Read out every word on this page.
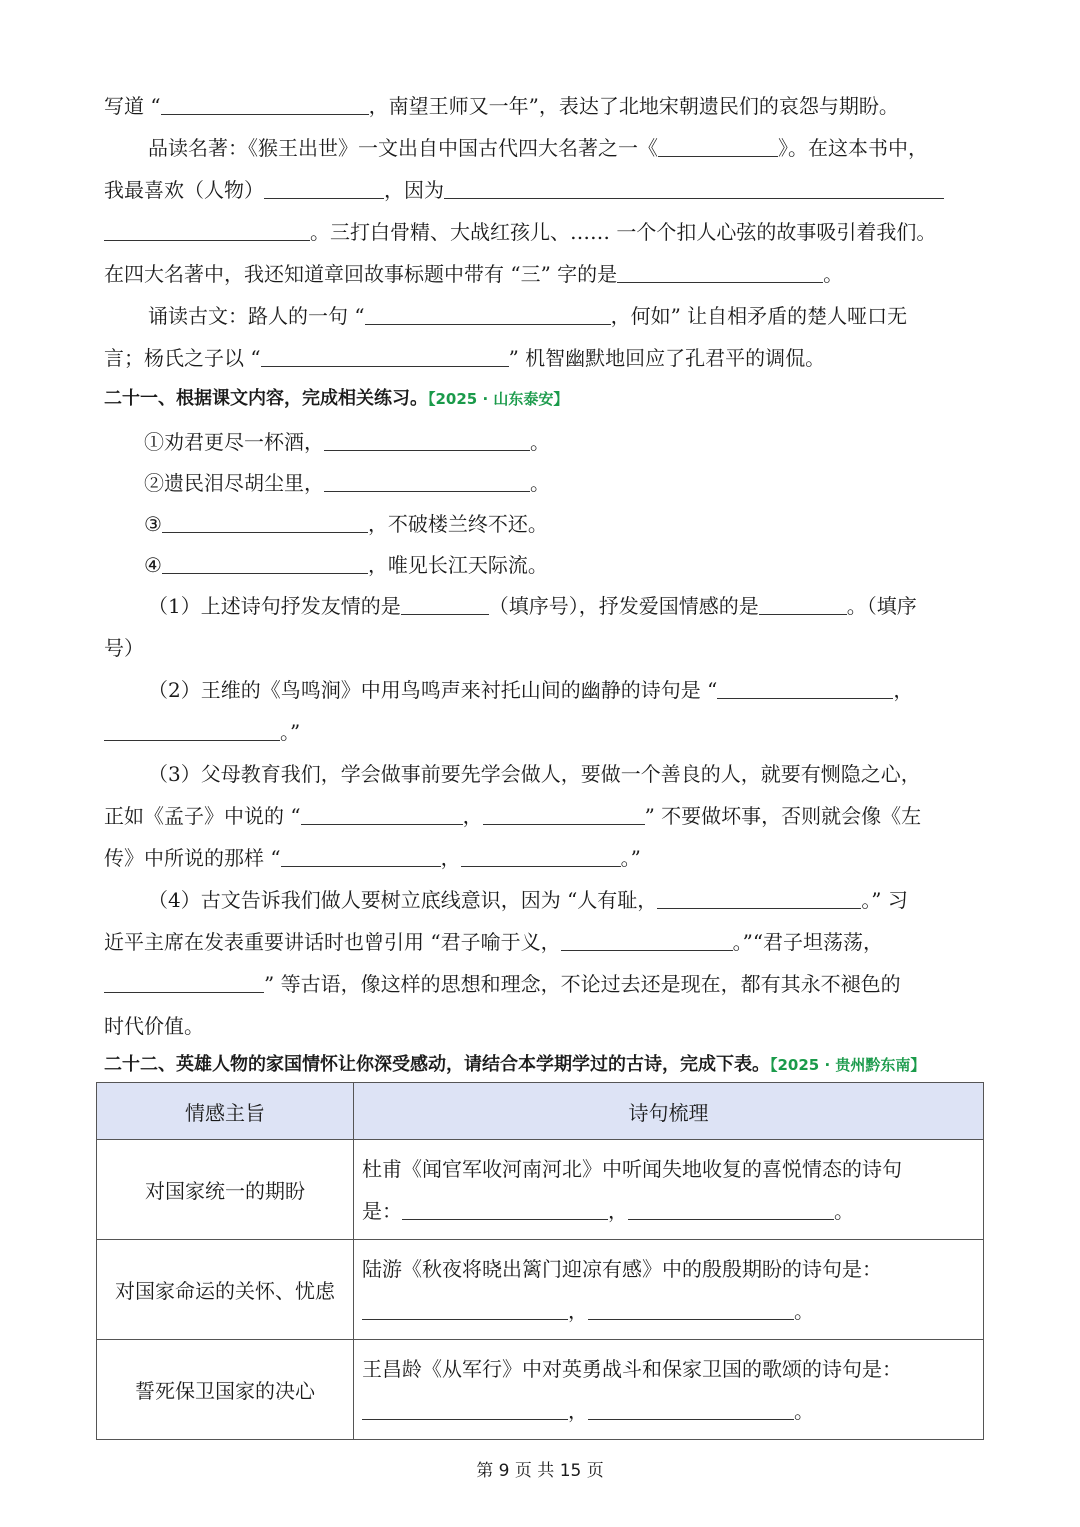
写道 “	，南望王师又一年”，表达了北地宋朝遗民们的哀怨与期盼。
品读名著：《猴王出世》一文出自中国古代四大名著之一《	》。在这本书中，
我最喜欢（人物）	，因为
。三打白骨精、大战红孩儿、…… 一个个扣人心弦的故事吸引着我们。
在四大名著中，我还知道章回故事标题中带有 “三” 字的是	。
诵读古文：路人的一句 “	，何如” 让自相矛盾的楚人哑口无
言；杨氏之子以 “	” 机智幽默地回应了孔君平的调侃。
二十一、根据课文内容，完成相关练习。【2025 · 山东泰安】
①劝君更尽一杯酒，	。
②遗民泪尽胡尘里，	。
③	，不破楼兰终不还。
④	，唯见长江天际流。
（1）上述诗句抒发友情的是	（填序号），抒发爱国情感的是	。（填序
号）
（2）王维的《鸟鸣涧》中用鸟鸣声来衬托山间的幽静的诗句是 “	，
。”
（3）父母教育我们，学会做事前要先学会做人，要做一个善良的人，就要有恻隐之心，
正如《孟子》中说的 “	，	” 不要做坏事，否则就会像《左
传》中所说的那样 “	，	。”
（4）古文告诉我们做人要树立底线意识，因为 “人有耻，	。” 习
近平主席在发表重要讲话时也曾引用 “君子喻于义，	。”“君子坦荡荡，
” 等古语，像这样的思想和理念，不论过去还是现在，都有其永不褪色的
时代价值。
二十二、英雄人物的家国情怀让你深受感动，请结合本学期学过的古诗，完成下表。【2025 · 贵州黔东南】
情感主旨	诗句梳理
对国家统一的期盼	杜甫《闻官军收河南河北》中听闻失地收复的喜悦情态的诗句
是： ， 。

对国家命运的关怀、忧虑	陆游《秋夜将晓出篱门迎凉有感》中的殷殷期盼的诗句是：
， 。

誓死保卫国家的决心	王昌龄《从军行》中对英勇战斗和保家卫国的歌颂的诗句是：
， 。
第 9 页 共 15 页
